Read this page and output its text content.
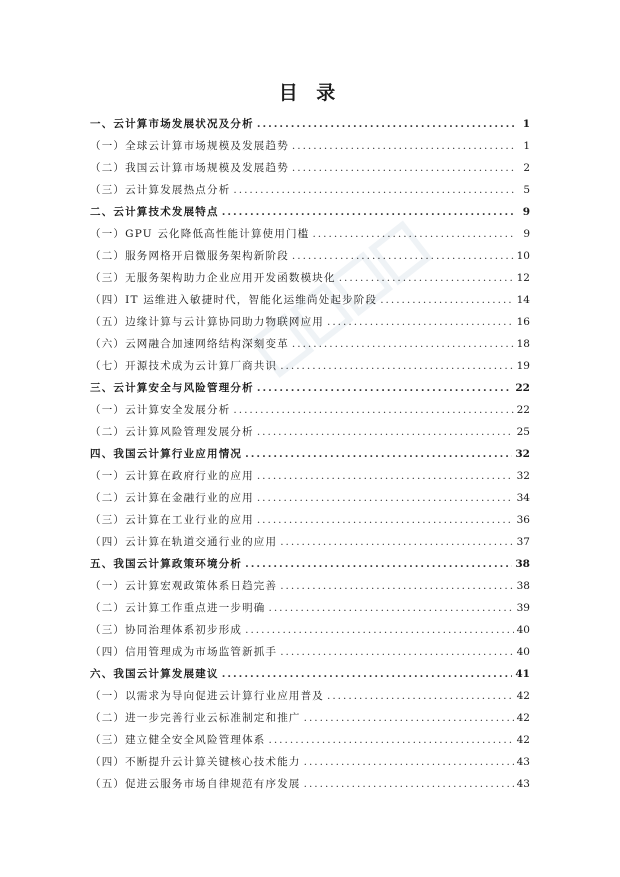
目 录
一、云计算市场发展状况及分析 .....	1
（一）全球云计算市场规模及发展趋势 .....	1
（二）我国云计算市场规模及发展趋势 .....	2
（三）云计算发展热点分析 .....	5
二、云计算技术发展特点 .....	9
（一）GPU 云化降低高性能计算使用门槛 .....	9
（二）服务网格开启微服务架构新阶段 .....	10
（三）无服务架构助力企业应用开发函数模块化 .....	12
（四）IT 运维进入敏捷时代，智能化运维尚处起步阶段 .....	14
（五）边缘计算与云计算协同助力物联网应用 .....	16
（六）云网融合加速网络结构深刻变革 .....	18
（七）开源技术成为云计算厂商共识 .....	19
三、云计算安全与风险管理分析 .....	22
（一）云计算安全发展分析 .....	22
（二）云计算风险管理发展分析 .....	25
四、我国云计算行业应用情况 .....	32
（一）云计算在政府行业的应用 .....	32
（二）云计算在金融行业的应用 .....	34
（三）云计算在工业行业的应用 .....	36
（四）云计算在轨道交通行业的应用 .....	37
五、我国云计算政策环境分析 .....	38
（一）云计算宏观政策体系日趋完善 .....	38
（二）云计算工作重点进一步明确 .....	39
（三）协同治理体系初步形成 .....	40
（四）信用管理成为市场监管新抓手 .....	40
六、我国云计算发展建议 .....	41
（一）以需求为导向促进云计算行业应用普及 .....	42
（二）进一步完善行业云标准制定和推广 .....	42
（三）建立健全安全风险管理体系 .....	42
（四）不断提升云计算关键核心技术能力 .....	43
（五）促进云服务市场自律规范有序发展 .....	43
